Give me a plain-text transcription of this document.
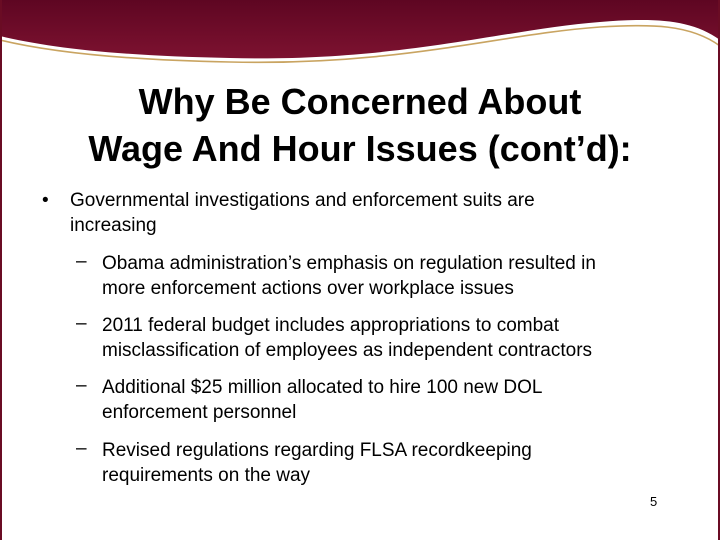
Why Be Concerned About
Wage And Hour Issues (cont’d):
• Governmental investigations and enforcement suits are
increasing
– Obama administration’s emphasis on regulation resulted in
more enforcement actions over workplace issues
– 2011 federal budget includes appropriations to combat
misclassification of employees as independent contractors
– Additional $25 million allocated to hire 100 new DOL
enforcement personnel
– Revised regulations regarding FLSA recordkeeping
requirements on the way
5
